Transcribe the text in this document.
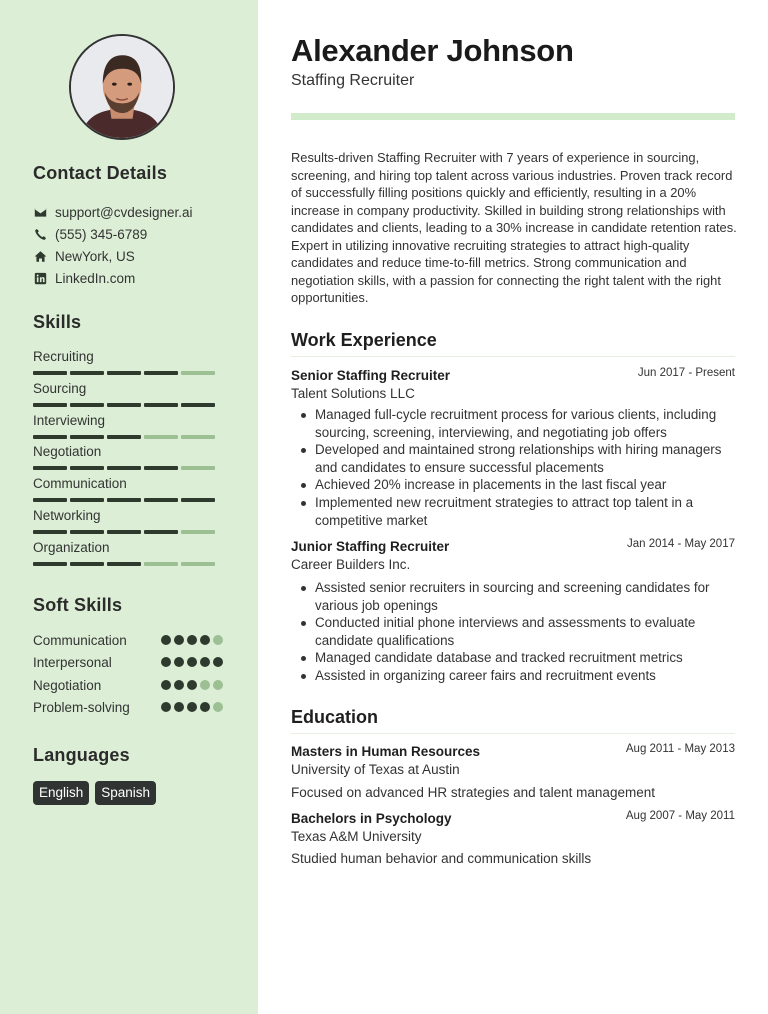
Contact Details
support@cvdesigner.ai
(555) 345-6789
NewYork, US
LinkedIn.com
Skills
Recruiting
Sourcing
Interviewing
Negotiation
Communication
Networking
Organization
Soft Skills
Communication
Interpersonal
Negotiation
Problem-solving
Languages
English	Spanish
Alexander Johnson
Staffing Recruiter

Results-driven Staffing Recruiter with 7 years of experience in sourcing, screening, and hiring top talent across various industries. Proven track record of successfully filling positions quickly and efficiently, resulting in a 20% increase in company productivity. Skilled in building strong relationships with candidates and clients, leading to a 30% increase in candidate retention rates. Expert in utilizing innovative recruiting strategies to attract high-quality candidates and reduce time-to-fill metrics. Strong communication and negotiation skills, with a passion for connecting the right talent with the right opportunities.

Work Experience
Senior Staffing Recruiter	Jun 2017 - Present
Talent Solutions LLC
Managed full-cycle recruitment process for various clients, including sourcing, screening, interviewing, and negotiating job offers
Developed and maintained strong relationships with hiring managers and candidates to ensure successful placements
Achieved 20% increase in placements in the last fiscal year
Implemented new recruitment strategies to attract top talent in a competitive market
Junior Staffing Recruiter	Jan 2014 - May 2017
Career Builders Inc.
Assisted senior recruiters in sourcing and screening candidates for various job openings
Conducted initial phone interviews and assessments to evaluate candidate qualifications
Managed candidate database and tracked recruitment metrics
Assisted in organizing career fairs and recruitment events
Education
Masters in Human Resources	Aug 2011 - May 2013
University of Texas at Austin
Focused on advanced HR strategies and talent management
Bachelors in Psychology	Aug 2007 - May 2011
Texas A&M University
Studied human behavior and communication skills
